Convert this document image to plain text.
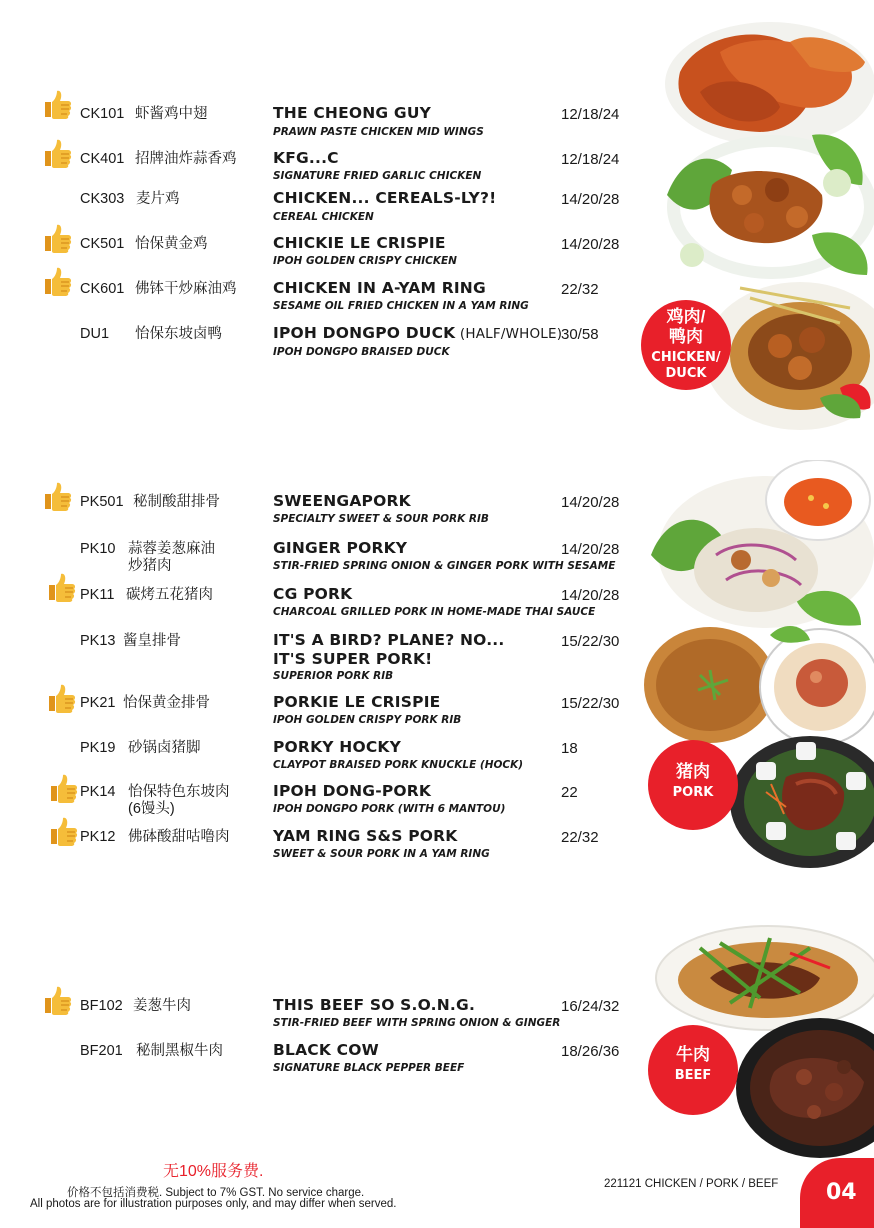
CK101 虾酱鸡中翅	THE CHEONG GUY
PRAWN PASTE CHICKEN MID WINGS
12/18/24
CK401 招牌油炸蒜香鸡 KFG...C
SIGNATURE FRIED GARLIC CHICKEN
12/18/24
CK303 麦片鸡	CHICKEN... CEREALS-LY?!
CEREAL CHICKEN
14/20/28
CK501 怡保黄金鸡	CHICKIE LE CRISPIE
IPOH GOLDEN CRISPY CHICKEN
14/20/28
CK601 佛钵干炒麻油鸡 CHICKEN IN A-YAM RING
SESAME OIL FRIED CHICKEN IN A YAM RING
22/32
DU1 怡保东坡卤鸭	IPOH DONGPO DUCK (HALF/WHOLE)
IPOH DONGPO BRAISED DUCK
30/58
鸡肉/
鸭肉
CHICKEN/
DUCK
PK501 秘制酸甜排骨	SWEENGAPORK
SPECIALTY SWEET & SOUR PORK RIB
14/20/28
PK10 蒜蓉姜葱麻油
炒猪肉
GINGER PORKY
STIR-FRIED SPRING ONION & GINGER PORK WITH SESAME
14/20/28
PK11 碳烤五花猪肉	CG PORK
CHARCOAL GRILLED PORK IN HOME-MADE THAI SAUCE
14/20/28
PK13 酱皇排骨	IT'S A BIRD? PLANE? NO...
IT'S SUPER PORK!
SUPERIOR PORK RIB
15/22/30
PK21 怡保黄金排骨	PORKIE LE CRISPIE
IPOH GOLDEN CRISPY PORK RIB
15/22/30
PK19 砂锅卤猪脚	PORKY HOCKY
CLAYPOT BRAISED PORK KNUCKLE (HOCK)
18
PK14 怡保特色东坡肉
(6馒头)
IPOH DONG-PORK
IPOH DONGPO PORK (WITH 6 MANTOU)
22
PK12 佛砵酸甜咕噜肉	YAM RING S&S PORK
SWEET & SOUR PORK IN A YAM RING
22/32
猪肉
PORK
BF102 姜葱牛肉	THIS BEEF SO S.O.N.G.
STIR-FRIED BEEF WITH SPRING ONION & GINGER
16/24/32
BF201 秘制黑椒牛肉	BLACK COW
SIGNATURE BLACK PEPPER BEEF
18/26/36	牛肉
BEEF
无10%服务费.
价格不包括消费税. Subject to 7% GST. No service charge.
All photos are for illustration purposes only, and may differ when served.
221121 CHICKEN / PORK / BEEF 04
